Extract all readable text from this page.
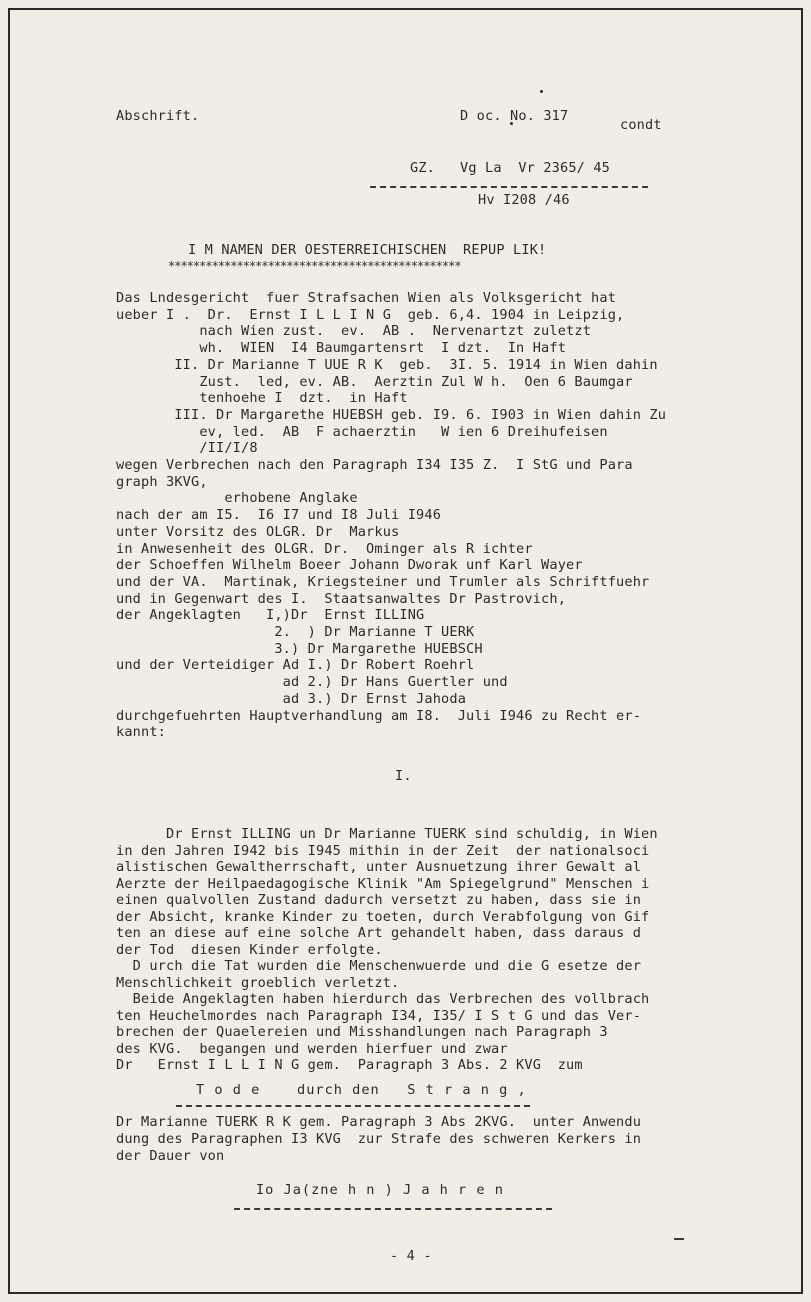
Abschrift.	D oc. No. 317

condt

GZ.   Vg La  Vr 2365/ 45

Hv I208 /46

I M NAMEN DER OESTERREICHISCHEN  REPUP LIK!

***********************************************

Das Lndesgericht  fuer Strafsachen Wien als Volksgericht hat

ueber I .  Dr.  Ernst I L L I N G  geb. 6,4. 1904 in Leipzig,

nach Wien zust.  ev.  AB .  Nervenartzt zuletzt

wh.  WIEN  I4 Baumgartensrt  I dzt.  In Haft

II. Dr Marianne T UUE R K  geb.  3I. 5. 1914 in Wien dahin

Zust.  led, ev. AB.  Aerztin Zul W h.  Oen 6 Baumgar

tenhoehe I  dzt.  in Haft

III. Dr Margarethe HUEBSH geb. I9. 6. I903 in Wien dahin Zu

ev, led.  AB  F achaerztin   W ien 6 Dreihufeisen

/II/I/8

wegen Verbrechen nach den Paragraph I34 I35 Z.  I StG und Para

graph 3KVG,

erhobene Anglake

nach der am I5.  I6 I7 und I8 Juli I946

unter Vorsitz des OLGR. Dr  Markus

in Anwesenheit des OLGR. Dr.  Ominger als R ichter

der Schoeffen Wilhelm Boeer Johann Dworak unf Karl Wayer

und der VA.  Martinak, Kriegsteiner und Trumler als Schriftfuehr

und in Gegenwart des I.  Staatsanwaltes Dr Pastrovich,

der Angeklagten   I,)Dr  Ernst ILLING

2.  ) Dr Marianne T UERK

3.) Dr Margarethe HUEBSCH

und der Verteidiger Ad I.) Dr Robert Roehrl

ad 2.) Dr Hans Guertler und

ad 3.) Dr Ernst Jahoda

durchgefuehrten Hauptverhandlung am I8.  Juli I946 zu Recht er-

kannt:

I.

Dr Ernst ILLING un Dr Marianne TUERK sind schuldig, in Wien

in den Jahren I942 bis I945 mithin in der Zeit  der nationalsoci

alistischen Gewaltherrschaft, unter Ausnuetzung ihrer Gewalt al

Aerzte der Heilpaedagogische Klinik "Am Spiegelgrund" Menschen i

einen qualvollen Zustand dadurch versetzt zu haben, dass sie in

der Absicht, kranke Kinder zu toeten, durch Verabfolgung von Gif

ten an diese auf eine solche Art gehandelt haben, dass daraus d

der Tod  diesen Kinder erfolgte.

D urch die Tat wurden die Menschenwuerde und die G esetze der

Menschlichkeit groeblich verletzt.

Beide Angeklagten haben hierdurch das Verbrechen des vollbrach

ten Heuchelmordes nach Paragraph I34, I35/ I S t G und das Ver-

brechen der Quaelereien und Misshandlungen nach Paragraph 3

des KVG.  begangen und werden hierfuer und zwar

Dr   Ernst I L L I N G gem.  Paragraph 3 Abs. 2 KVG  zum

T o d e    durch den   S t r a n g ,

Dr Marianne TUERK R K gem. Paragraph 3 Abs 2KVG.  unter Anwendu

dung des Paragraphen I3 KVG  zur Strafe des schweren Kerkers in

der Dauer von

Io Ja(zne h n ) J a h r e n

- 4 -
